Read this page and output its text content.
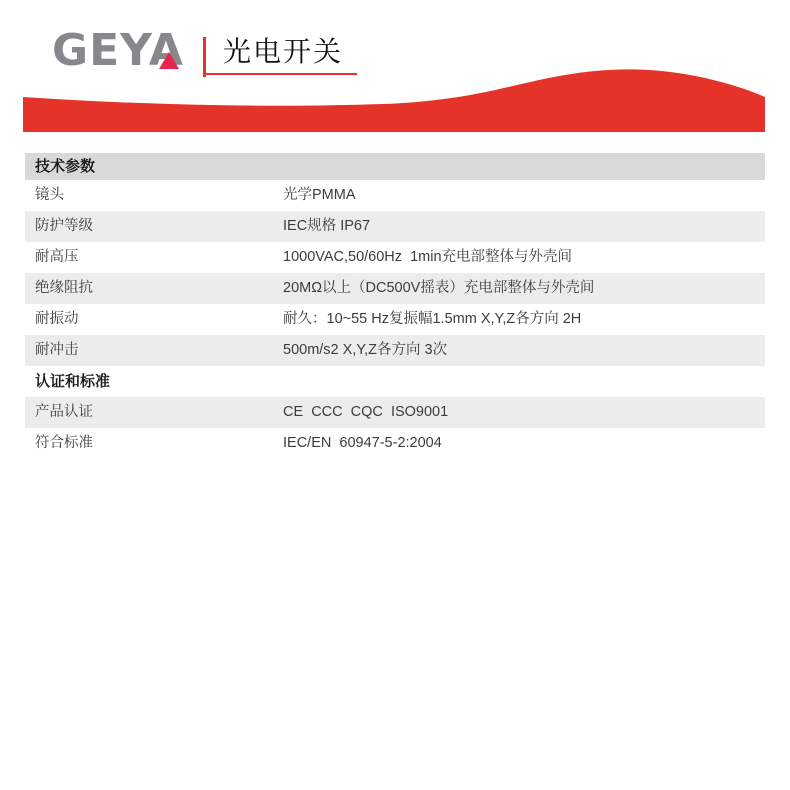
GEYA 光电开关
技术参数
镜头	光学PMMA
防护等级	IEC规格 IP67
耐高压	1000VAC,50/60Hz  1min充电部整体与外壳间
绝缘阻抗	20MΩ以上（DC500V摇表）充电部整体与外壳间
耐振动	耐久：10~55 Hz复振幅1.5mm X,Y,Z各方向 2H
耐冲击	500m/s2 X,Y,Z各方向 3次
认证和标准
产品认证	CE  CCC  CQC  ISO9001
符合标准	IEC/EN  60947-5-2:2004
